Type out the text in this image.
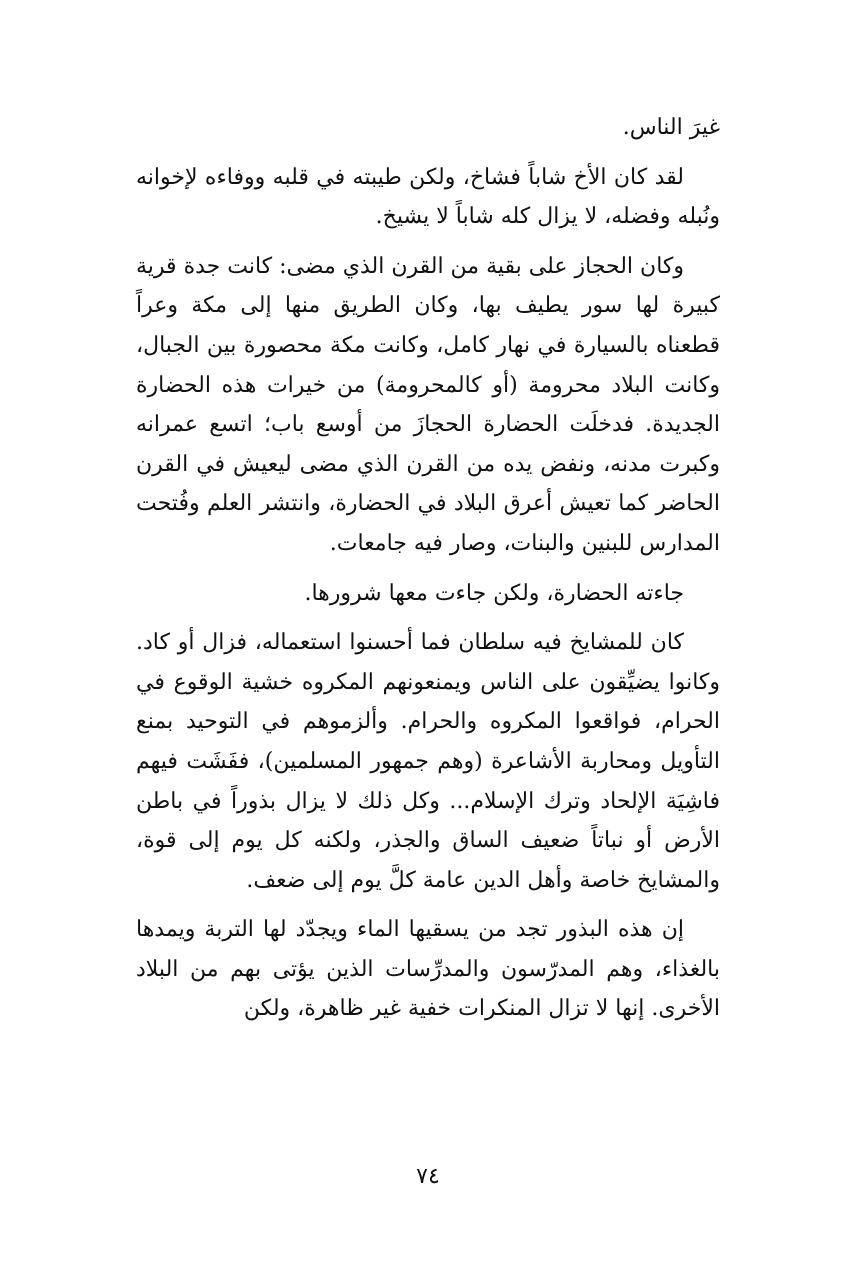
غيرَ الناس.

لقد كان الأخ شاباً فشاخ، ولكن طيبته في قلبه ووفاءه لإخوانه ونُبله وفضله، لا يزال كله شاباً لا يشيخ.

وكان الحجاز على بقية من القرن الذي مضى: كانت جدة قرية كبيرة لها سور يطيف بها، وكان الطريق منها إلى مكة وعراً قطعناه بالسيارة في نهار كامل، وكانت مكة محصورة بين الجبال، وكانت البلاد محرومة (أو كالمحرومة) من خيرات هذه الحضارة الجديدة. فدخلَت الحضارة الحجازَ من أوسع باب؛ اتسع عمرانه وكبرت مدنه، ونفض يده من القرن الذي مضى ليعيش في القرن الحاضر كما تعيش أعرق البلاد في الحضارة، وانتشر العلم وفُتحت المدارس للبنين والبنات، وصار فيه جامعات.

جاءته الحضارة، ولكن جاءت معها شرورها.

كان للمشايخ فيه سلطان فما أحسنوا استعماله، فزال أو كاد. وكانوا يضيِّقون على الناس ويمنعونهم المكروه خشية الوقوع في الحرام، فواقعوا المكروه والحرام. وألزموهم في التوحيد بمنع التأويل ومحاربة الأشاعرة (وهم جمهور المسلمين)، ففَشَت فيهم فاشِيَة الإلحاد وترك الإسلام... وكل ذلك لا يزال بذوراً في باطن الأرض أو نباتاً ضعيف الساق والجذر، ولكنه كل يوم إلى قوة، والمشايخ خاصة وأهل الدين عامة كلَّ يوم إلى ضعف.

إن هذه البذور تجد من يسقيها الماء ويجدّد لها التربة ويمدها بالغذاء، وهم المدرّسون والمدرِّسات الذين يؤتى بهم من البلاد الأخرى. إنها لا تزال المنكرات خفية غير ظاهرة، ولكن

٧٤
